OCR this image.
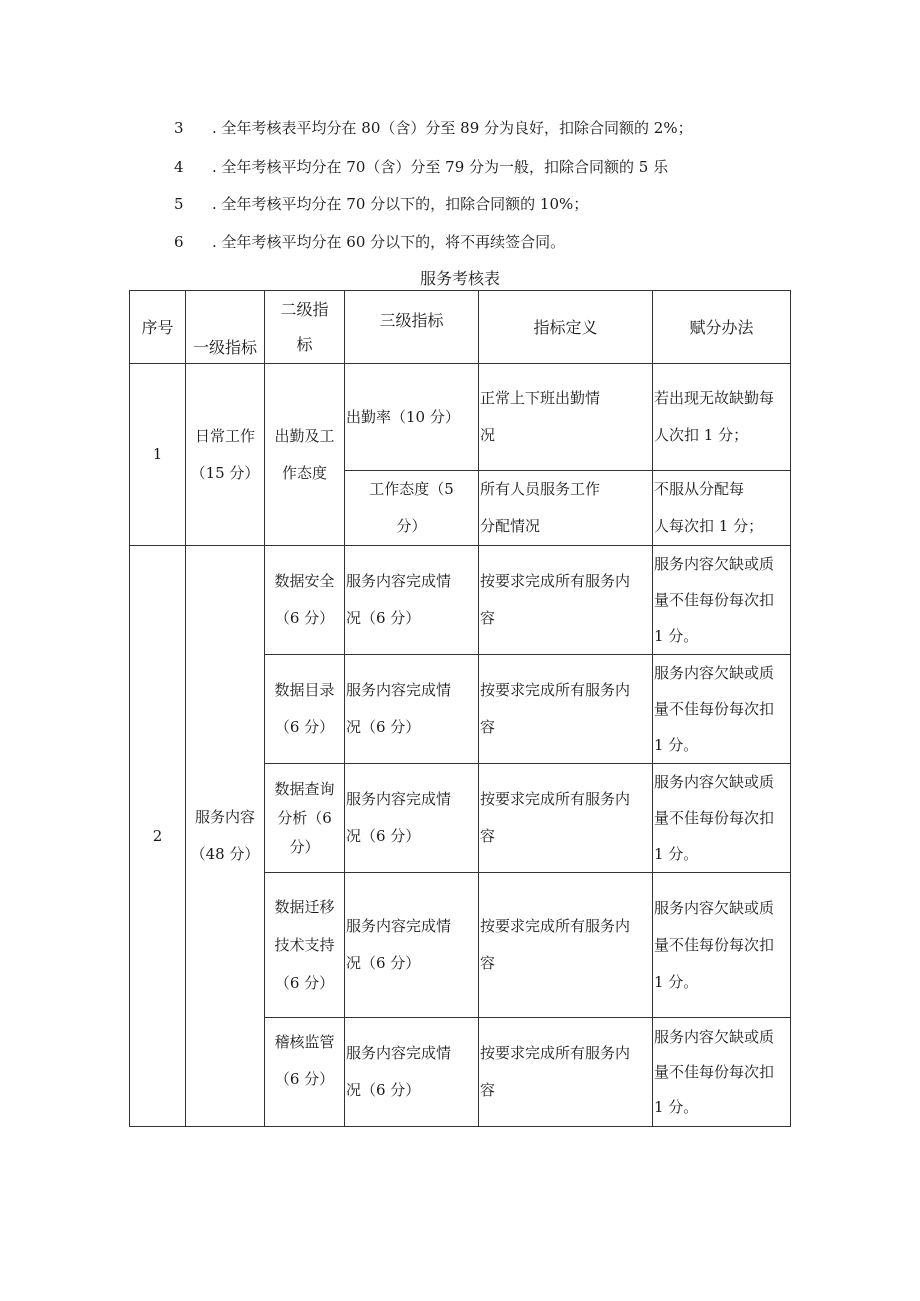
3 . 全年考核表平均分在 80（含）分至 89 分为良好，扣除合同额的 2%；
4 . 全年考核平均分在 70（含）分至 79 分为一般，扣除合同额的 5 乐
5 . 全年考核平均分在 70 分以下的，扣除合同额的 10%；
6 . 全年考核平均分在 60 分以下的，将不再续签合同。
服务考核表
序号	一级指标	二级指
标	三级指标	指标定义	赋分办法
1	日常工作
（15 分）	出勤及工
作态度	出勤率（10 分）	正常上下班出勤情
况	若出现无故缺勤每
人次扣 1 分；

			工作态度（5
分）	所有人员服务工作
分配情况	不服从分配每
人每次扣 1 分；

2	服务内容
（48 分）	数据安全
（6 分）	服务内容完成情
况（6 分）	按要求完成所有服务内
容	服务内容欠缺或质
量不佳每份每次扣
1 分。

		数据目录
（6 分）	服务内容完成情
况（6 分）	按要求完成所有服务内
容	服务内容欠缺或质
量不佳每份每次扣
1 分。

		数据查询
分析（6
分）	服务内容完成情
况（6 分）	按要求完成所有服务内
容	服务内容欠缺或质
量不佳每份每次扣
1 分。

		数据迁移
技术支持
（6 分）	服务内容完成情
况（6 分）	按要求完成所有服务内
容	服务内容欠缺或质
量不佳每份每次扣
1 分。

		稽核监管
（6 分）	服务内容完成情
况（6 分）	按要求完成所有服务内
容	服务内容欠缺或质
量不佳每份每次扣
1 分。
